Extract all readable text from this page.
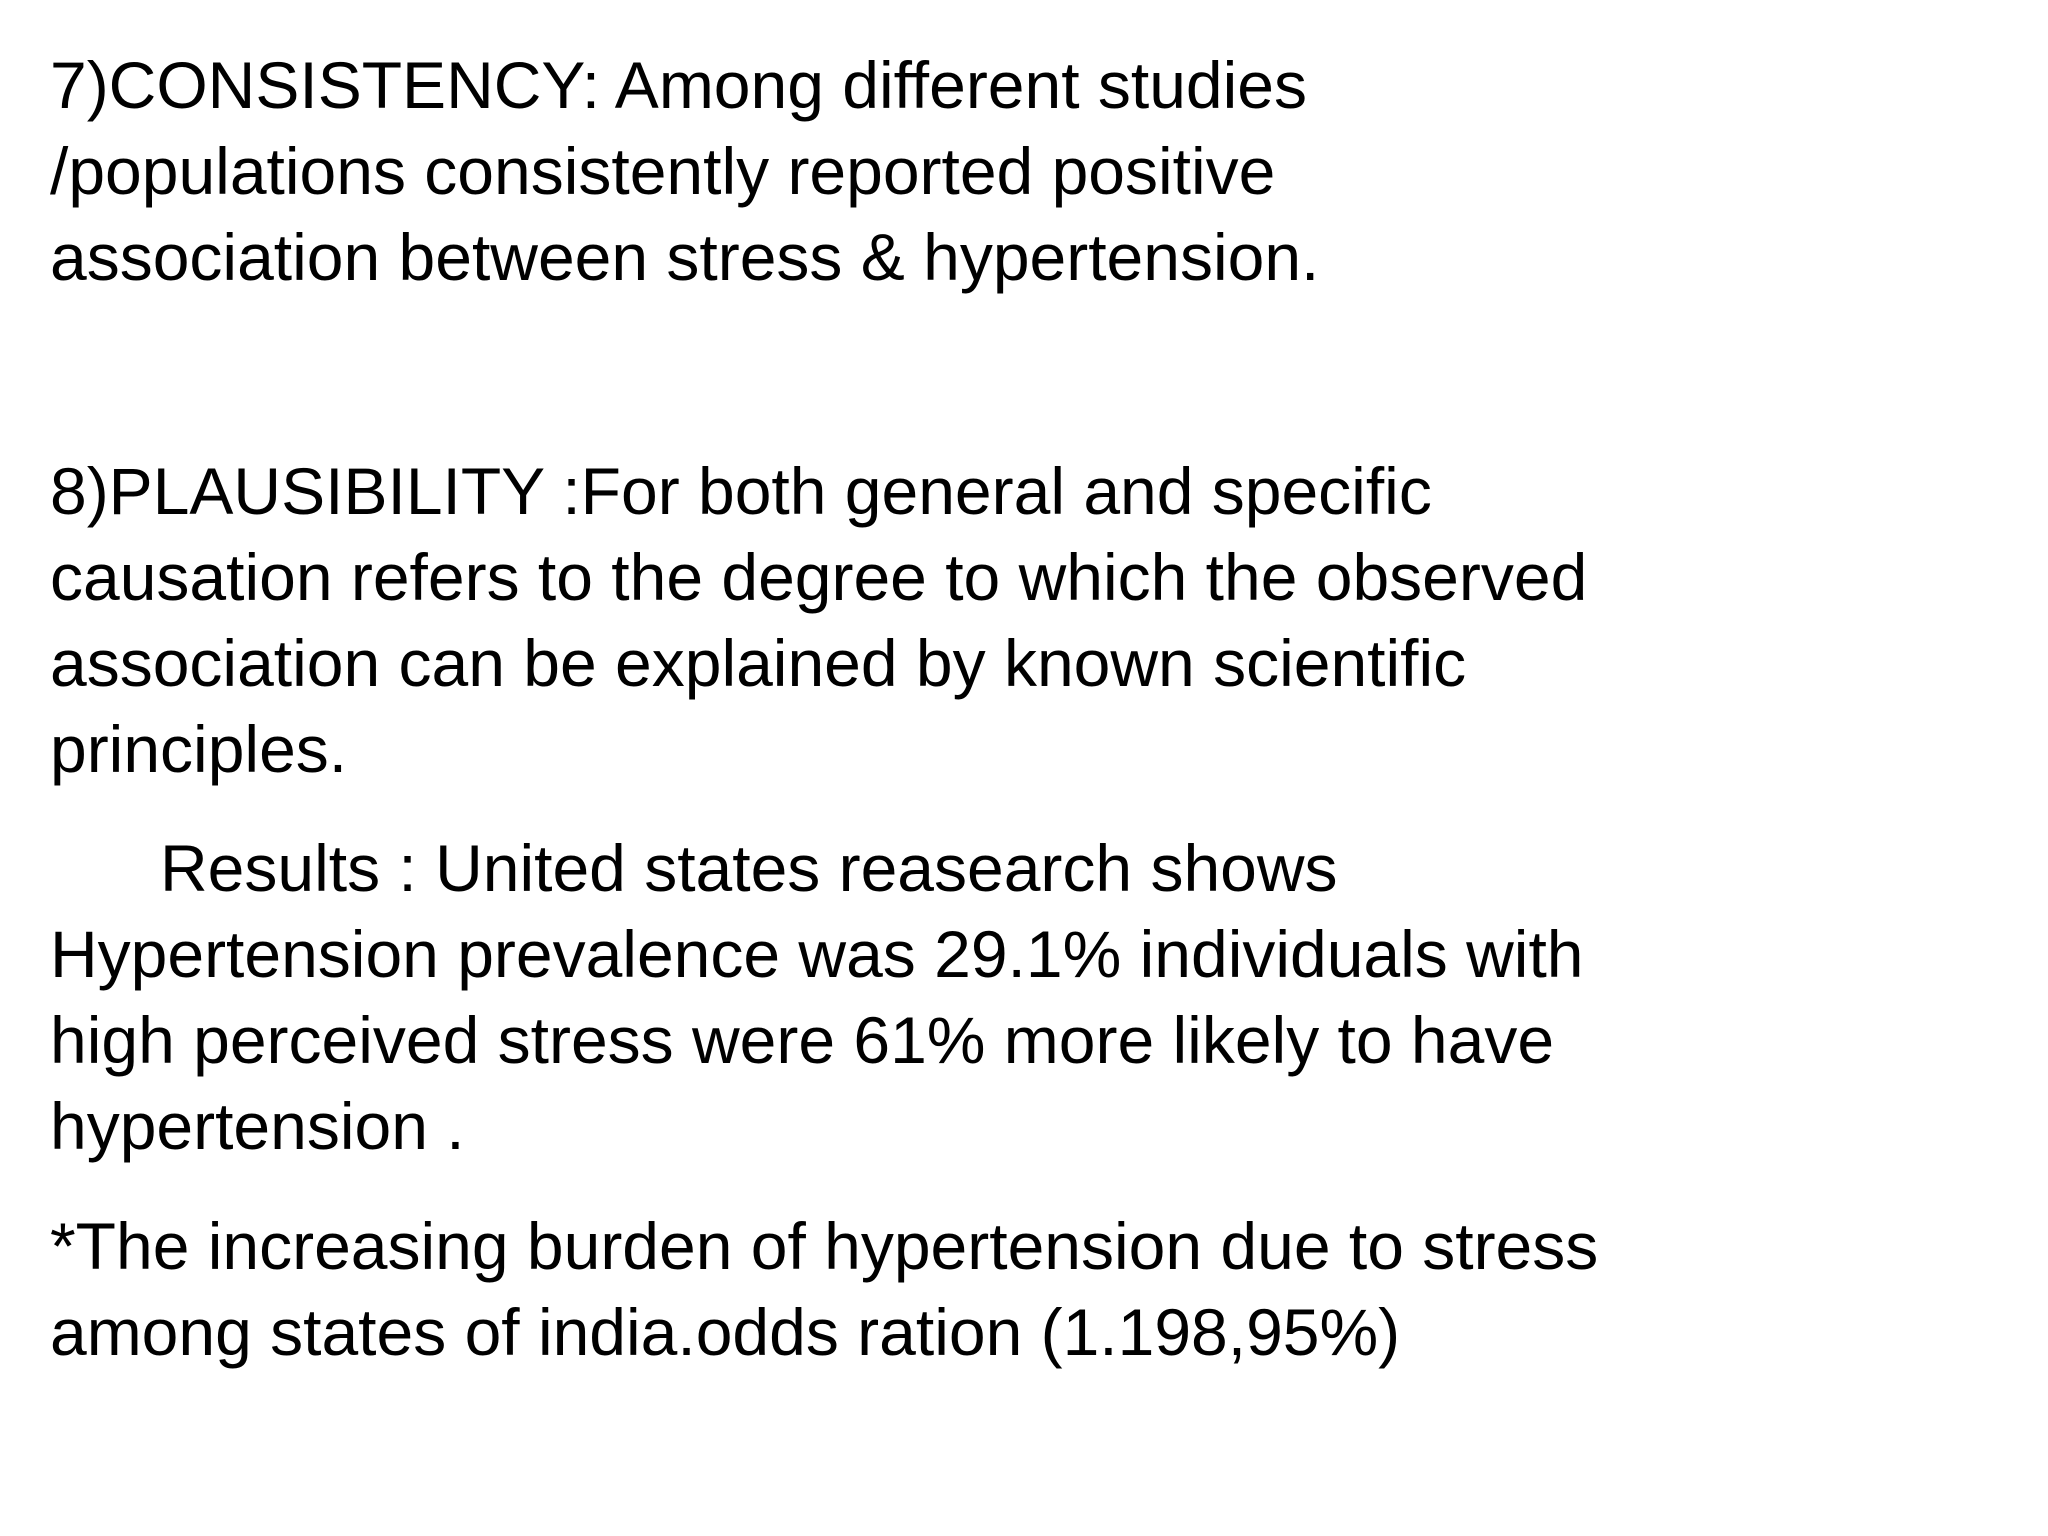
7)CONSISTENCY: Among different studies
/populations consistently reported positive
association between stress & hypertension.

8)PLAUSIBILITY :For both general and specific
causation refers to the degree to which the observed
association can be explained by known scientific
principles.

Results : United states reasearch shows
Hypertension prevalence was 29.1% individuals with
high perceived stress were 61% more likely to have
hypertension .

*The increasing burden of hypertension due to stress
among states of india.odds ration (1.198,95%)
